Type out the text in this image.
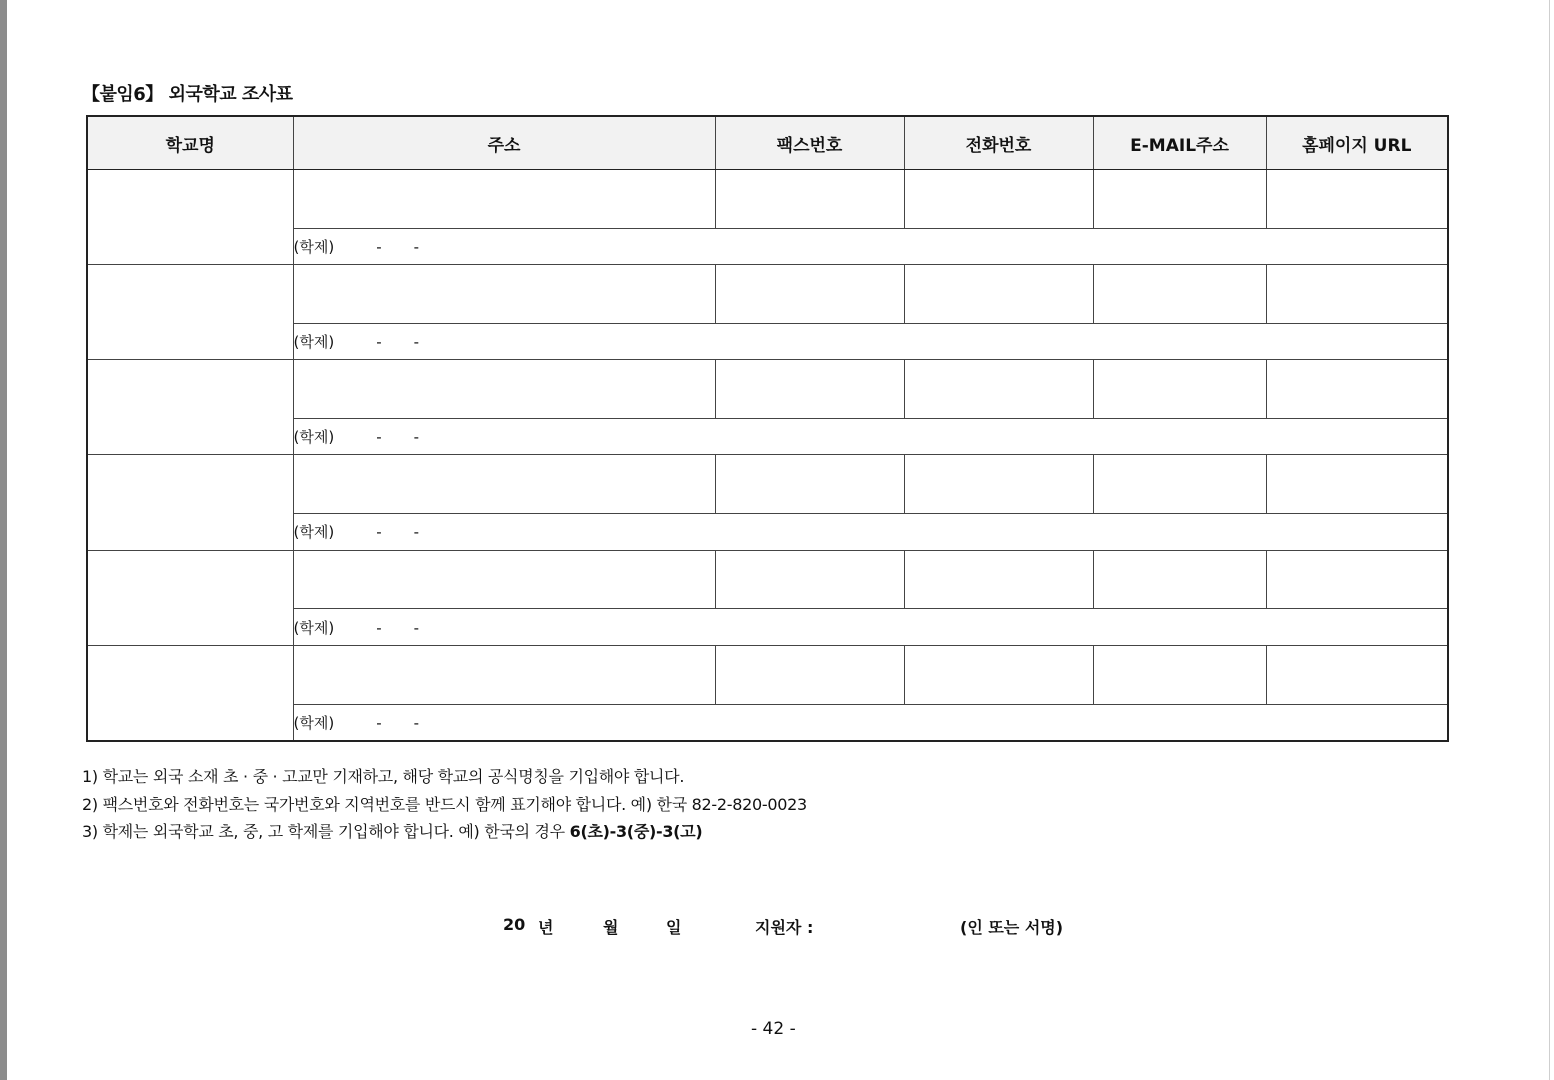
【붙임6】 외국학교 조사표
학교명	주소	팩스번호	전화번호	E-MAIL주소	홈페이지 URL

	(학제) - -				

	(학제) - -				

	(학제) - -				

	(학제) - -				

	(학제) - -				

	(학제) - -				
1) 학교는 외국 소재 초 · 중 · 고교만 기재하고, 해당 학교의 공식명칭을 기입해야 합니다.
2) 팩스번호와 전화번호는 국가번호와 지역번호를 반드시 함께 표기해야 합니다. 예) 한국 82-2-820-0023
3) 학제는 외국학교 초, 중, 고 학제를 기입해야 합니다. 예) 한국의 경우 6(초)-3(중)-3(고)
20 년	월	일	지원자 :	(인 또는 서명)
- 42 -
